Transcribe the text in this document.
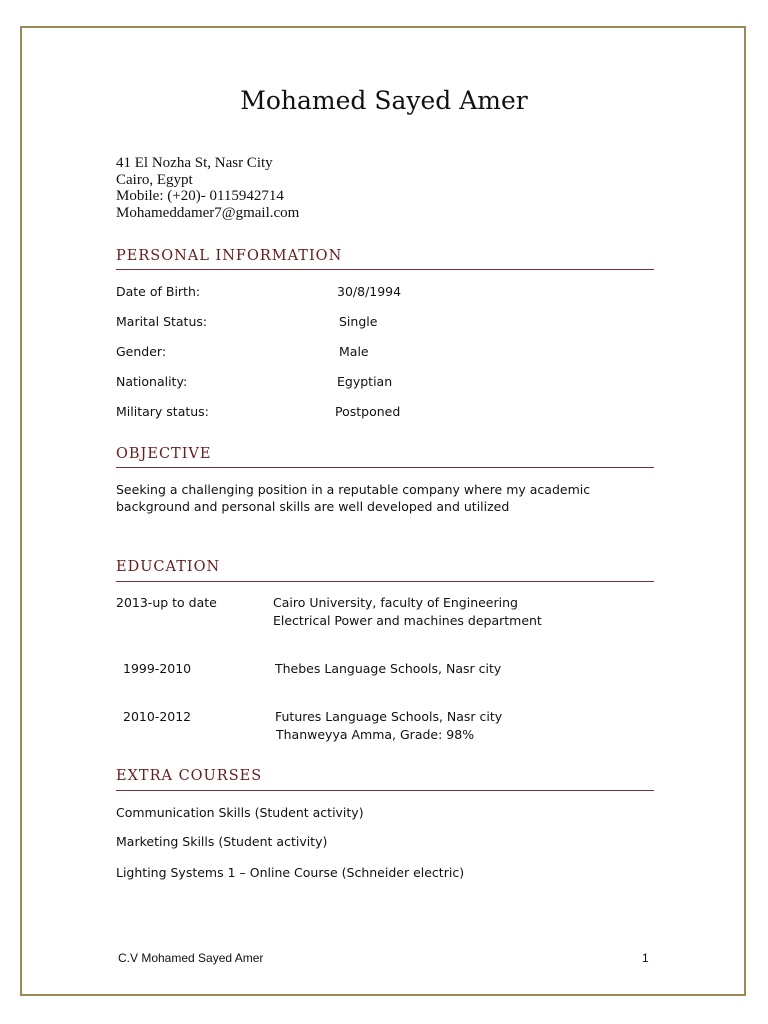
Mohamed Sayed Amer
41 El Nozha St, Nasr City
Cairo, Egypt
Mobile: (+20)- 0115942714
Mohameddamer7@gmail.com
PERSONAL INFORMATION
Date of Birth:	30/8/1994
Marital Status:	Single
Gender:	Male
Nationality:	Egyptian
Military status:	Postponed
OBJECTIVE
Seeking a challenging position in a reputable company where my academic background and personal skills are well developed and utilized
EDUCATION
2013-up to date	Cairo University, faculty of Engineering
Electrical Power and machines department
1999-2010	Thebes Language Schools, Nasr city
2010-2012	Futures Language Schools, Nasr city
Thanweyya Amma, Grade: 98%
EXTRA COURSES
Communication Skills (Student activity)
Marketing Skills (Student activity)
Lighting Systems 1 – Online Course (Schneider electric)
C.V Mohamed Sayed Amer	1
